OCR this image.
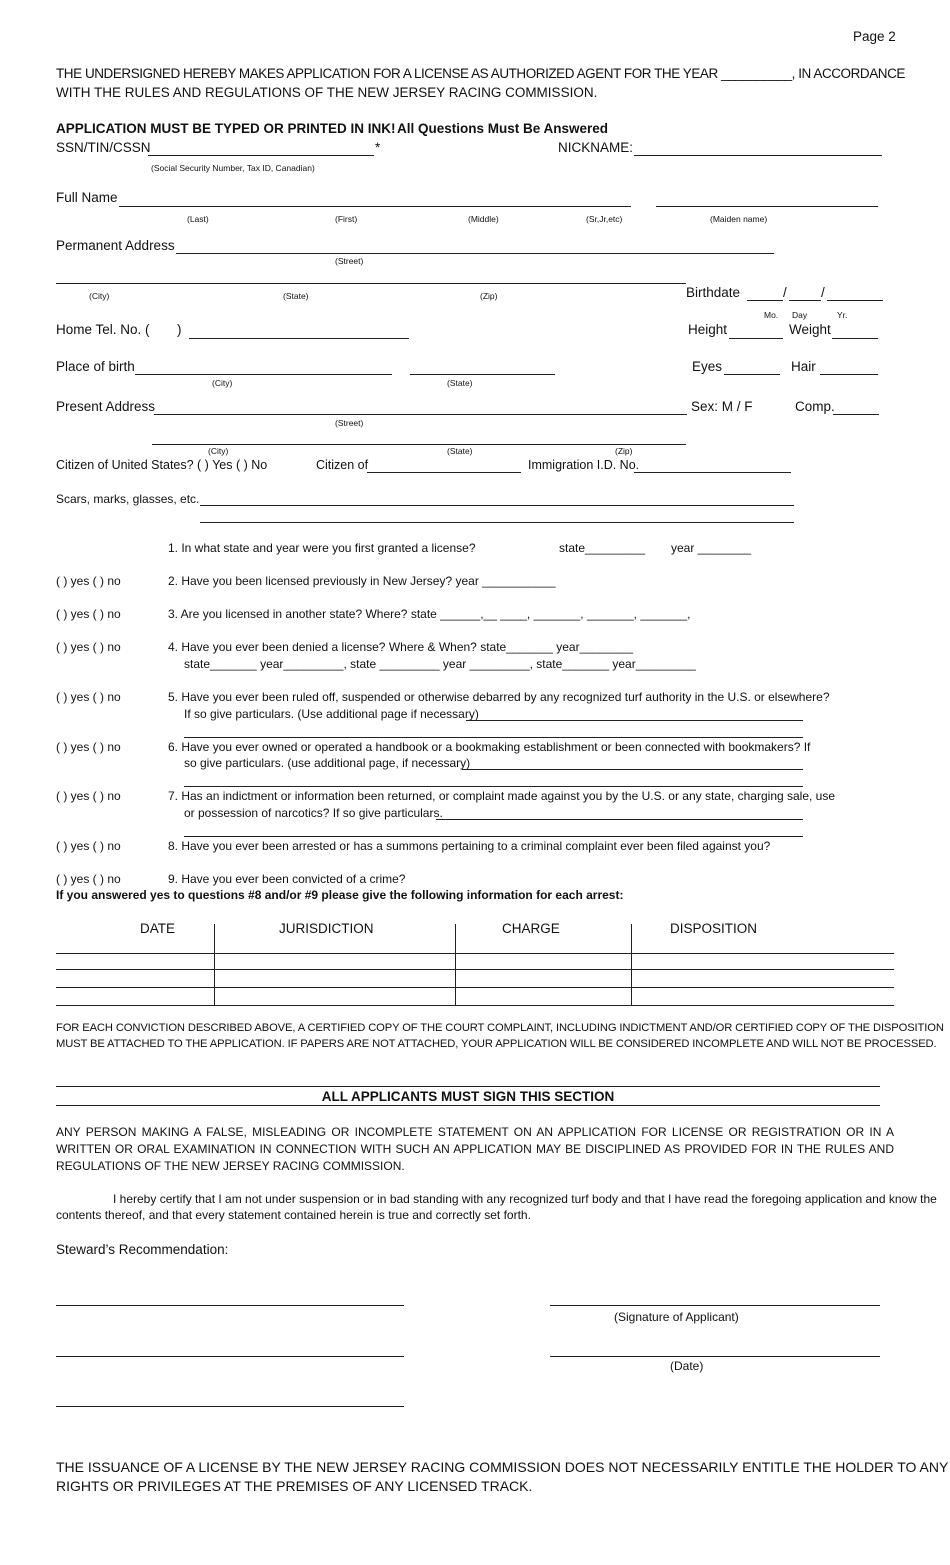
Page 2
THE UNDERSIGNED HEREBY MAKES APPLICATION FOR A LICENSE AS AUTHORIZED AGENT FOR THE YEAR __________, IN ACCORDANCE
WITH THE RULES AND REGULATIONS OF THE NEW JERSEY RACING COMMISSION.
APPLICATION MUST BE TYPED OR PRINTED IN INK! All Questions Must Be Answered
SSN/TIN/CSSN	*
(Social Security Number, Tax ID, Canadian)
NICKNAME:
Full Name
(Last)	(First)	(Middle)	(Sr,Jr,etc)	(Maiden name)
Permanent Address
(Street)
(City)	(State)	(Zip)	Birthdate	/	/
Mo. Day	Yr.
Home Tel. No. ( )	Height	Weight
Place of birth
(City)	(State)
Eyes	Hair
Present Address
(Street)
Sex: M / F	Comp.
(City)	(State)	(Zip)
Citizen of United States? ( ) Yes ( ) No	Citizen of	Immigration I.D. No.
Scars, marks, glasses, etc.
1. In what state and year were you first granted a license?	state_________ year ________
( ) yes ( ) no	2. Have you been licensed previously in New Jersey? year ___________
( ) yes ( ) no	3. Are you licensed in another state? Where? state ______,__ ____, _______, _______, _______,
( ) yes ( ) no	4. Have you ever been denied a license? Where & When? state_______ year________
state_______ year_________, state _________ year _________, state_______ year_________
( ) yes ( ) no	5. Have you ever been ruled off, suspended or otherwise debarred by any recognized turf authority in the U.S. or elsewhere?
If so give particulars. (Use additional page if necessary)
( ) yes ( ) no	6. Have you ever owned or operated a handbook or a bookmaking establishment or been connected with bookmakers? If
so give particulars. (use additional page, if necessary)
( ) yes ( ) no	7. Has an indictment or information been returned, or complaint made against you by the U.S. or any state, charging sale, use
or possession of narcotics? If so give particulars.
( ) yes ( ) no	8. Have you ever been arrested or has a summons pertaining to a criminal complaint ever been filed against you?
( ) yes ( ) no	9. Have you ever been convicted of a crime?
If you answered yes to questions #8 and/or #9 please give the following information for each arrest:
DATE	JURISDICTION	CHARGE	DISPOSITION
FOR EACH CONVICTION DESCRIBED ABOVE, A CERTIFIED COPY OF THE COURT COMPLAINT, INCLUDING INDICTMENT AND/OR CERTIFIED COPY OF THE DISPOSITION
MUST BE ATTACHED TO THE APPLICATION. IF PAPERS ARE NOT ATTACHED, YOUR APPLICATION WILL BE CONSIDERED INCOMPLETE AND WILL NOT BE PROCESSED.
ALL APPLICANTS MUST SIGN THIS SECTION
ANY PERSON MAKING A FALSE, MISLEADING OR INCOMPLETE STATEMENT ON AN APPLICATION FOR LICENSE OR REGISTRATION OR IN A WRITTEN OR ORAL EXAMINATION IN CONNECTION WITH SUCH AN APPLICATION MAY BE DISCIPLINED AS PROVIDED FOR IN THE RULES AND REGULATIONS OF THE NEW JERSEY RACING COMMISSION.
I hereby certify that I am not under suspension or in bad standing with any recognized turf body and that I have read the foregoing application and know the
contents thereof, and that every statement contained herein is true and correctly set forth.
Steward’s Recommendation:
(Signature of Applicant)
(Date)
THE ISSUANCE OF A LICENSE BY THE NEW JERSEY RACING COMMISSION DOES NOT NECESSARILY ENTITLE THE HOLDER TO ANY
RIGHTS OR PRIVILEGES AT THE PREMISES OF ANY LICENSED TRACK.
